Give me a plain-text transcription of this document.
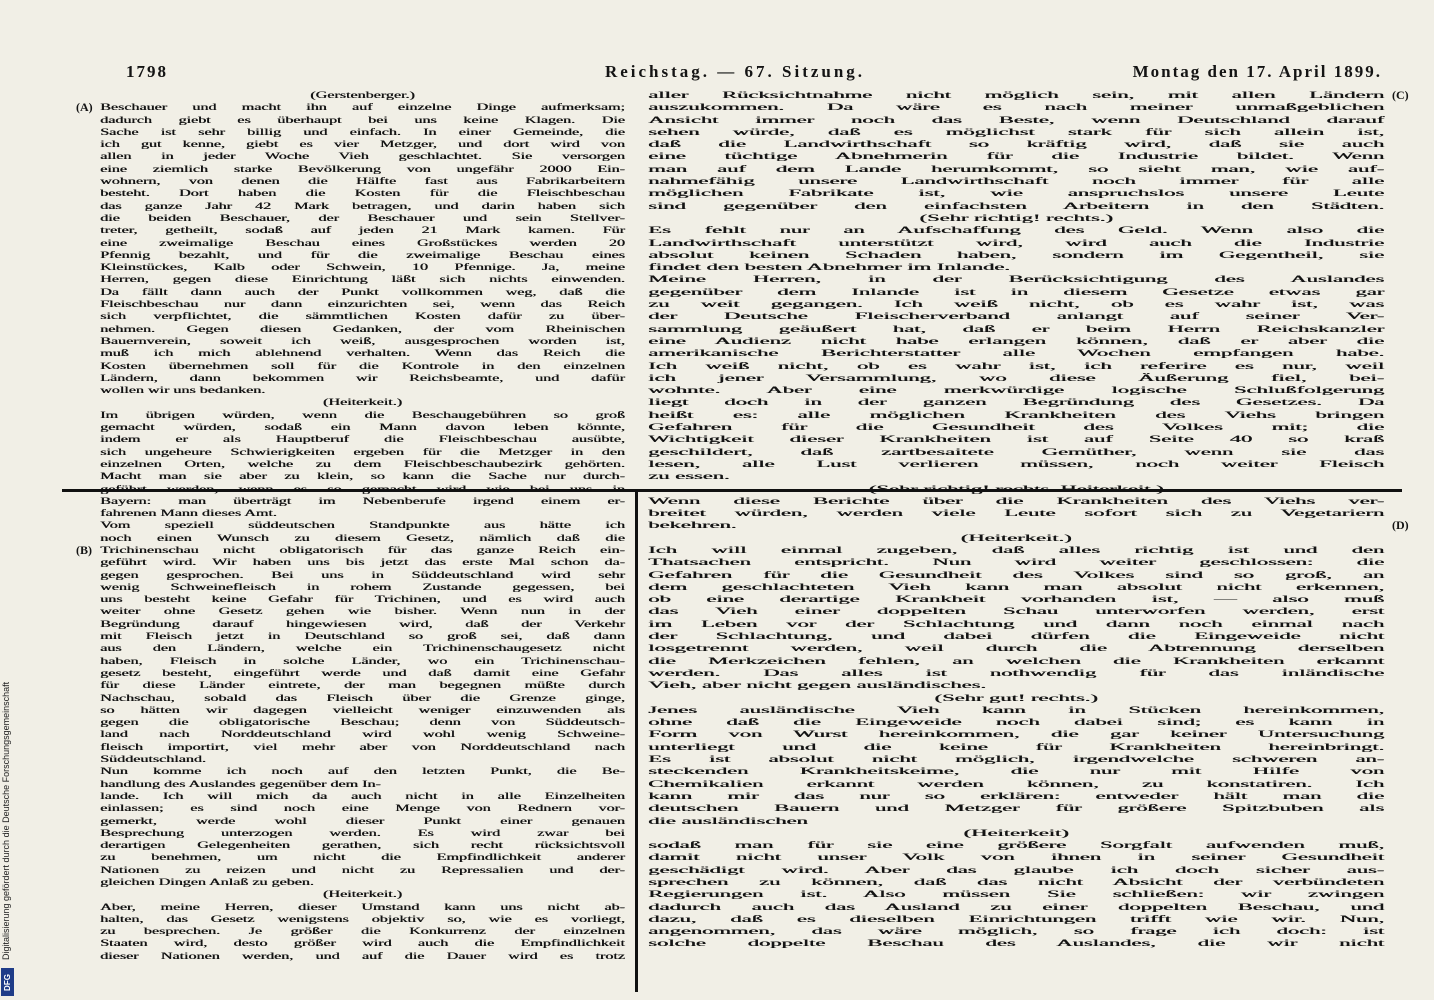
1798	Reichstag. — 67. Sitzung.	Montag den 17. April 1899.
(A)
(B)
(C)
(D)
(Gerstenberger.)
Beschauer und macht ihn auf einzelne Dinge aufmerksam;
dadurch giebt es überhaupt bei uns keine Klagen. Die
Sache ist sehr billig und einfach. In einer Gemeinde, die
ich gut kenne, giebt es vier Metzger, und dort wird von
allen in jeder Woche Vieh geschlachtet. Sie versorgen
eine ziemlich starke Bevölkerung von ungefähr 2000 Ein-
wohnern, von denen die Hälfte fast aus Fabrikarbeitern
besteht. Dort haben die Kosten für die Fleischbeschau
das ganze Jahr 42 Mark betragen, und darin haben sich
die beiden Beschauer, der Beschauer und sein Stellver-
treter, getheilt, sodaß auf jeden 21 Mark kamen. Für
eine zweimalige Beschau eines Großstückes werden 20
Pfennig bezahlt, und für die zweimalige Beschau eines
Kleinstückes, Kalb oder Schwein, 10 Pfennige. Ja, meine
Herren, gegen diese Einrichtung läßt sich nichts einwenden.
Da fällt dann auch der Punkt vollkommen weg, daß die
Fleischbeschau nur dann einzurichten sei, wenn das Reich
sich verpflichtet, die sämmtlichen Kosten dafür zu über-
nehmen. Gegen diesen Gedanken, der vom Rheinischen
Bauernverein, soweit ich weiß, ausgesprochen worden ist,
muß ich mich ablehnend verhalten. Wenn das Reich die
Kosten übernehmen soll für die Kontrole in den einzelnen
Ländern, dann bekommen wir Reichsbeamte, und dafür
wollen wir uns bedanken.
(Heiterkeit.)
Im übrigen würden, wenn die Beschaugebühren so groß
gemacht würden, sodaß ein Mann davon leben könnte,
indem er als Hauptberuf die Fleischbeschau ausübte,
sich ungeheure Schwierigkeiten ergeben für die Metzger in den
einzelnen Orten, welche zu dem Fleischbeschaubezirk gehörten.
Macht man sie aber zu klein, so kann die Sache nur durch-
Bayern: man überträgt im Nebenberufe irgend einem er-
fahrenen Mann dieses Amt.
Vom speziell süddeutschen Standpunkte aus hätte ich
noch einen Wunsch zu diesem Gesetz, nämlich daß die
Trichinenschau nicht obligatorisch für das ganze Reich ein-
geführt wird. Wir haben uns bis jetzt das erste Mal schon da-
gegen gesprochen. Bei uns in Süddeutschland wird sehr
wenig Schweinefleisch in rohem Zustande gegessen, bei
uns besteht keine Gefahr für Trichinen, und es wird auch
weiter ohne Gesetz gehen wie bisher. Wenn nun in der
Begründung darauf hingewiesen wird, daß der Verkehr
mit Fleisch jetzt in Deutschland so groß sei, daß dann
aus den Ländern, welche ein Trichinenschaugesetz nicht
haben, Fleisch in solche Länder, wo ein Trichinenschau-
gesetz besteht, eingeführt werde und daß damit eine Gefahr
für diese Länder eintrete, der man begegnen müßte durch
Nachschau, sobald das Fleisch über die Grenze ginge,
so hätten wir dagegen vielleicht weniger einzuwenden als
gegen die obligatorische Beschau; denn von Süddeutsch-
land nach Norddeutschland wird wohl wenig Schweine-
fleisch importirt, viel mehr aber von Norddeutschland nach
Süddeutschland.
Nun komme ich noch auf den letzten Punkt, die Be-
handlung des Auslandes gegenüber dem In-
lande. Ich will mich da auch nicht in alle Einzelheiten
einlassen; es sind noch eine Menge von Rednern vor-
gemerkt, werde wohl dieser Punkt einer genauen
Besprechung unterzogen werden. Es wird zwar bei
derartigen Gelegenheiten gerathen, sich recht rücksichtsvoll
zu benehmen, um nicht die Empfindlichkeit anderer
Nationen zu reizen und nicht zu Repressalien und der-
gleichen Dingen Anlaß zu geben.
(Heiterkeit.)
Aber, meine Herren, dieser Umstand kann uns nicht ab-
halten, das Gesetz wenigstens objektiv so, wie es vorliegt,
zu besprechen. Je größer die Konkurrenz der einzelnen
Staaten wird, desto größer wird auch die Empfindlichkeit
dieser Nationen werden, und auf die Dauer wird es trotz
aller Rücksichtnahme nicht möglich sein, mit allen Ländern
auszukommen. Da wäre es nach meiner unmaßgeblichen
Ansicht immer noch das Beste, wenn Deutschland darauf
sehen würde, daß es möglichst stark für sich allein ist,
daß die Landwirthschaft so kräftig wird, daß sie auch
eine tüchtige Abnehmerin für die Industrie bildet. Wenn
man auf dem Lande herumkommt, so sieht man, wie auf-
nahmefähig unsere Landwirthschaft noch immer für alle
möglichen Fabrikate ist, wie anspruchslos unsere Leute
sind gegenüber den einfachsten Arbeitern in den Städten.
(Sehr richtig! rechts.)
Es fehlt nur an Aufschaffung des Geld. Wenn also die
Landwirthschaft unterstützt wird, wird auch die Industrie
absolut keinen Schaden haben, sondern im Gegentheil, sie
findet den besten Abnehmer im Inlande.
Meine Herren, in der Berücksichtigung des Auslandes
gegenüber dem Inlande ist in diesem Gesetze etwas gar
zu weit gegangen. Ich weiß nicht, ob es wahr ist, was
der Deutsche Fleischerverband anlangt auf seiner Ver-
sammlung geäußert hat, daß er beim Herrn Reichskanzler
eine Audienz nicht habe erlangen können, daß er aber die
amerikanische Berichterstatter alle Wochen empfangen habe.
Ich weiß nicht, ob es wahr ist, ich referire es nur, weil
ich jener Versammlung, wo diese Äußerung fiel, bei-
wohnte. Aber eine merkwürdige logische Schlußfolgerung
liegt doch in der ganzen Begründung des Gesetzes. Da
heißt es: alle möglichen Krankheiten des Viehs bringen
Gefahren für die Gesundheit des Volkes mit; die
Wichtigkeit dieser Krankheiten ist auf Seite 40 so kraß
geschildert, daß zartbesaitete Gemüther, wenn sie das
lesen, alle Lust verlieren müssen, noch weiter Fleisch
zu essen.
Wenn diese Berichte über die Krankheiten des Viehs ver-
breitet würden, werden viele Leute sofort sich zu Vegetariern
bekehren.
(Heiterkeit.)
Ich will einmal zugeben, daß alles richtig ist und den
Thatsachen entspricht. Nun wird weiter geschlossen: die
Gefahren für die Gesundheit des Volkes sind so groß, an
dem geschlachteten Vieh kann man absolut nicht erkennen,
ob eine derartige Krankheit vorhanden ist, — also muß
das Vieh einer doppelten Schau unterworfen werden, erst
im Leben vor der Schlachtung und dann noch einmal nach
der Schlachtung, und dabei dürfen die Eingeweide nicht
losgetrennt werden, weil durch die Abtrennung derselben
die Merkzeichen fehlen, an welchen die Krankheiten erkannt
werden. Das alles ist nothwendig für das inländische
Vieh, aber nicht gegen ausländisches.
(Sehr gut! rechts.)
Jenes ausländische Vieh kann in Stücken hereinkommen,
ohne daß die Eingeweide noch dabei sind; es kann in
Form von Wurst hereinkommen, die gar keiner Untersuchung
unterliegt und die keine für Krankheiten hereinbringt.
Es ist absolut nicht möglich, irgendwelche schweren an-
steckenden Krankheitskeime, die nur mit Hilfe von
Chemikalien erkannt werden können, zu konstatiren. Ich
kann mir das nur so erklären: entweder hält man die
deutschen Bauern und Metzger für größere Spitzbuben als
die ausländischen
(Heiterkeit)
sodaß man für sie eine größere Sorgfalt aufwenden muß,
damit nicht unser Volk von ihnen in seiner Gesundheit
geschädigt wird. Aber das glaube ich doch sicher aus-
sprechen zu können, daß das nicht Absicht der verbündeten
Regierungen ist. Also müssen Sie schließen: wir zwingen
dadurch auch das Ausland zu einer doppelten Beschau, und
dazu, daß es dieselben Einrichtungen trifft wie wir. Nun,
angenommen, das wäre möglich, so frage ich doch: ist
solche doppelte Beschau des Auslandes, die wir nicht
Digitalisierung gefördert durch die Deutsche Forschungsgemeinschaft
DFG
